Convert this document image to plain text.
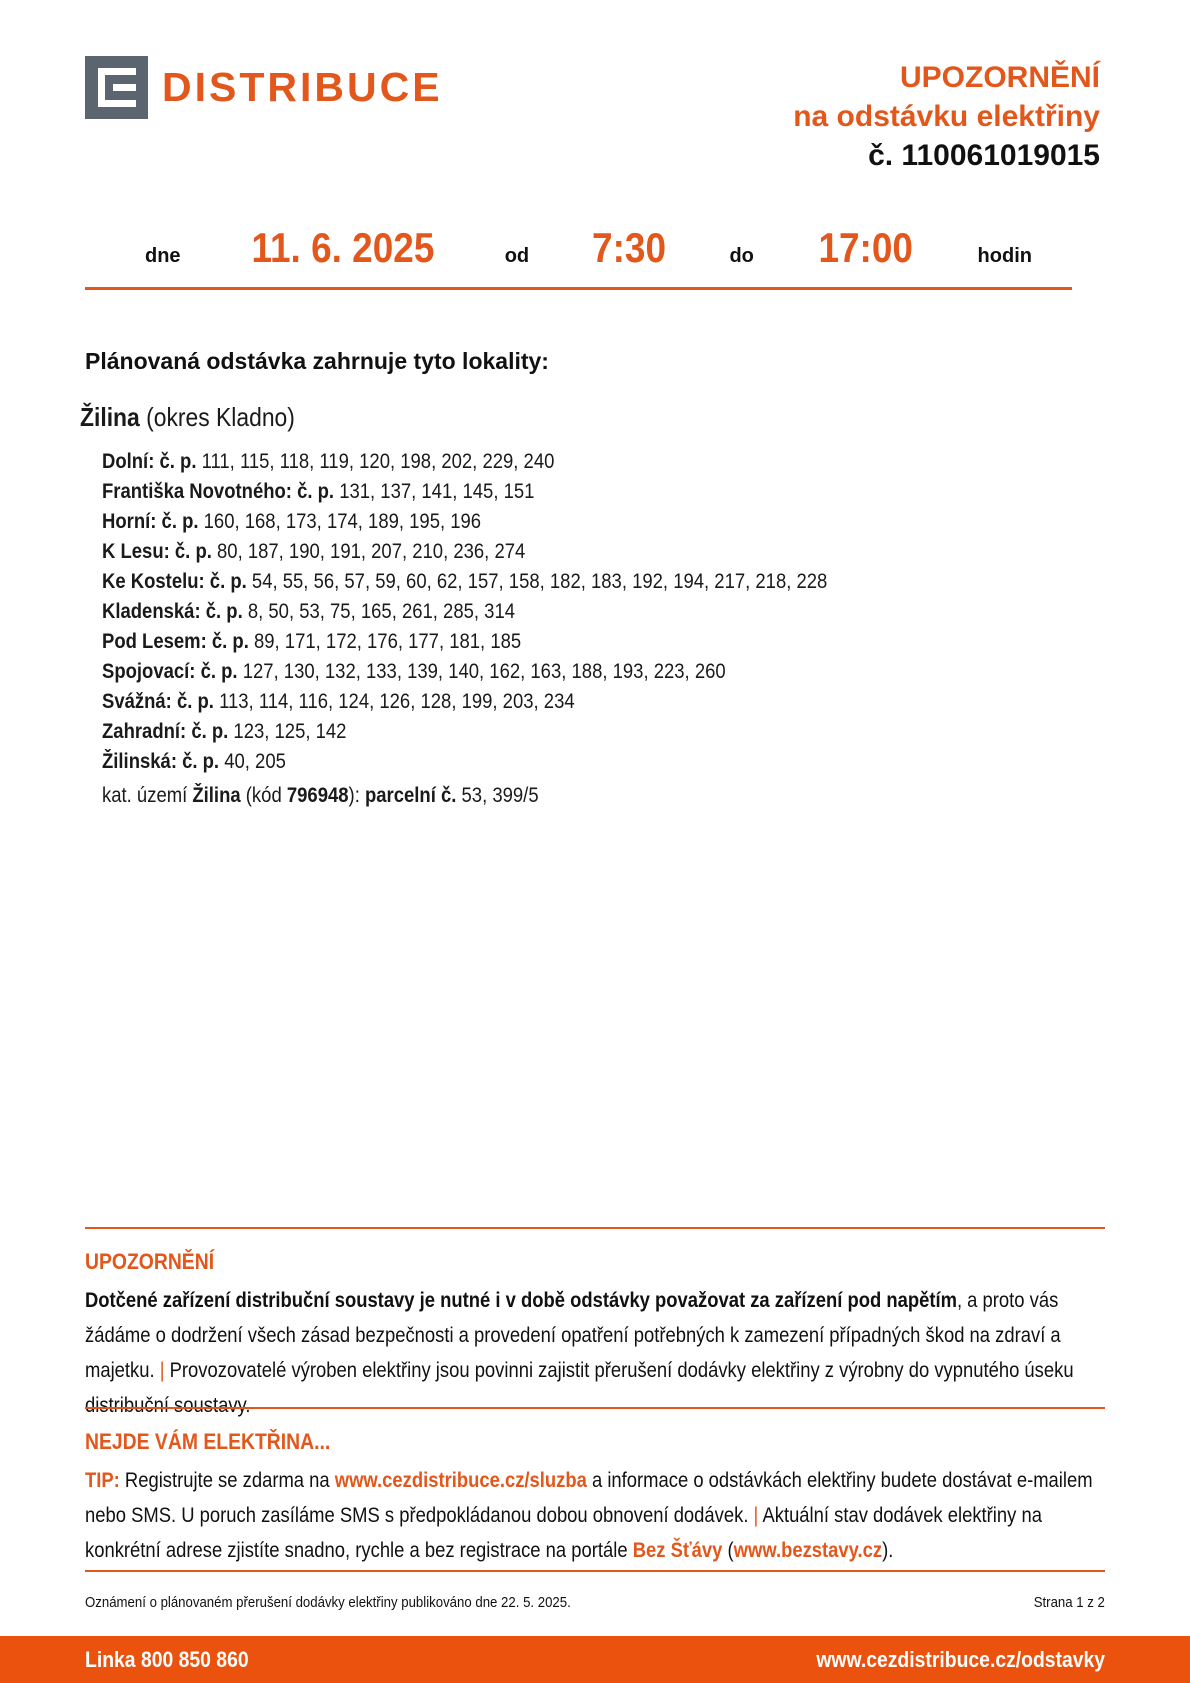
DISTRIBUCE	UPOZORNĚNÍ
na odstávku elektřiny
č. 110061019015
dne 11. 6. 2025	od 7:30	do 17:00	hodin
Plánovaná odstávka zahrnuje tyto lokality:
Žilina (okres Kladno)
Dolní: č. p. 111, 115, 118, 119, 120, 198, 202, 229, 240
Františka Novotného: č. p. 131, 137, 141, 145, 151
Horní: č. p. 160, 168, 173, 174, 189, 195, 196
K Lesu: č. p. 80, 187, 190, 191, 207, 210, 236, 274
Ke Kostelu: č. p. 54, 55, 56, 57, 59, 60, 62, 157, 158, 182, 183, 192, 194, 217, 218, 228
Kladenská: č. p. 8, 50, 53, 75, 165, 261, 285, 314
Pod Lesem: č. p. 89, 171, 172, 176, 177, 181, 185
Spojovací: č. p. 127, 130, 132, 133, 139, 140, 162, 163, 188, 193, 223, 260
Svážná: č. p. 113, 114, 116, 124, 126, 128, 199, 203, 234
Zahradní: č. p. 123, 125, 142
Žilinská: č. p. 40, 205
kat. území Žilina (kód 796948): parcelní č. 53, 399/5
UPOZORNĚNÍ
Dotčené zařízení distribuční soustavy je nutné i v době odstávky považovat za zařízení pod napětím, a proto vás žádáme o dodržení všech zásad bezpečnosti a provedení opatření potřebných k zamezení případných škod na zdraví a majetku. | Provozovatelé výroben elektřiny jsou povinni zajistit přerušení dodávky elektřiny z výrobny do vypnutého úseku distribuční soustavy.
NEJDE VÁM ELEKTŘINA...
TIP: Registrujte se zdarma na www.cezdistribuce.cz/sluzba a informace o odstávkách elektřiny budete dostávat e-mailem nebo SMS. U poruch zasíláme SMS s předpokládanou dobou obnovení dodávek. | Aktuální stav dodávek elektřiny na konkrétní adrese zjistíte snadno, rychle a bez registrace na portále Bez Šťávy (www.bezstavy.cz).
Oznámení o plánovaném přerušení dodávky elektřiny publikováno dne 22. 5. 2025.	Strana 1 z 2
Linka 800 850 860	www.cezdistribuce.cz/odstavky
